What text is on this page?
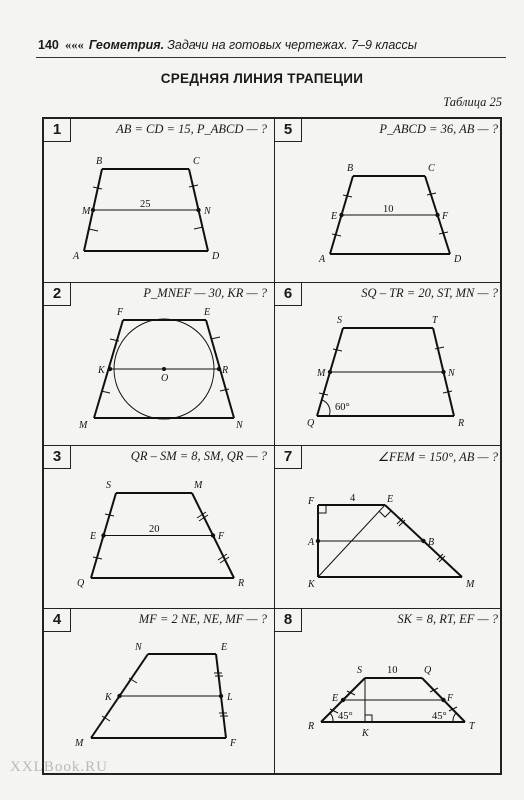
140 ««« Геометрия. Задачи на готовых чертежах. 7–9 классы
СРЕДНЯЯ ЛИНИЯ ТРАПЕЦИИ
Таблица 25
1	AB = CD = 15, P_ABCD — ?
B	C
M	N
A	D
25
5	P_ABCD = 36, AB — ?
B	C
E	F
A	D
10
2	P_MNEF — 30, KR — ?
F	E
K	R
O
M	N
6	SQ – TR = 20, ST, MN — ?
S	T
M	N
Q	R
60°
3	QR – SM = 8, SM, QR — ?
S	M
E	F
Q	R
20
7	∠FEM = 150°, AB — ?
F	E
A	B
K	M
4
4	MF = 2 NE, NE, MF — ?
N	E
K	L
M	F
8	SK = 8, RT, EF — ?
S	Q
E	F
R
K
T
10
45°	45°
XXLBook.RU
